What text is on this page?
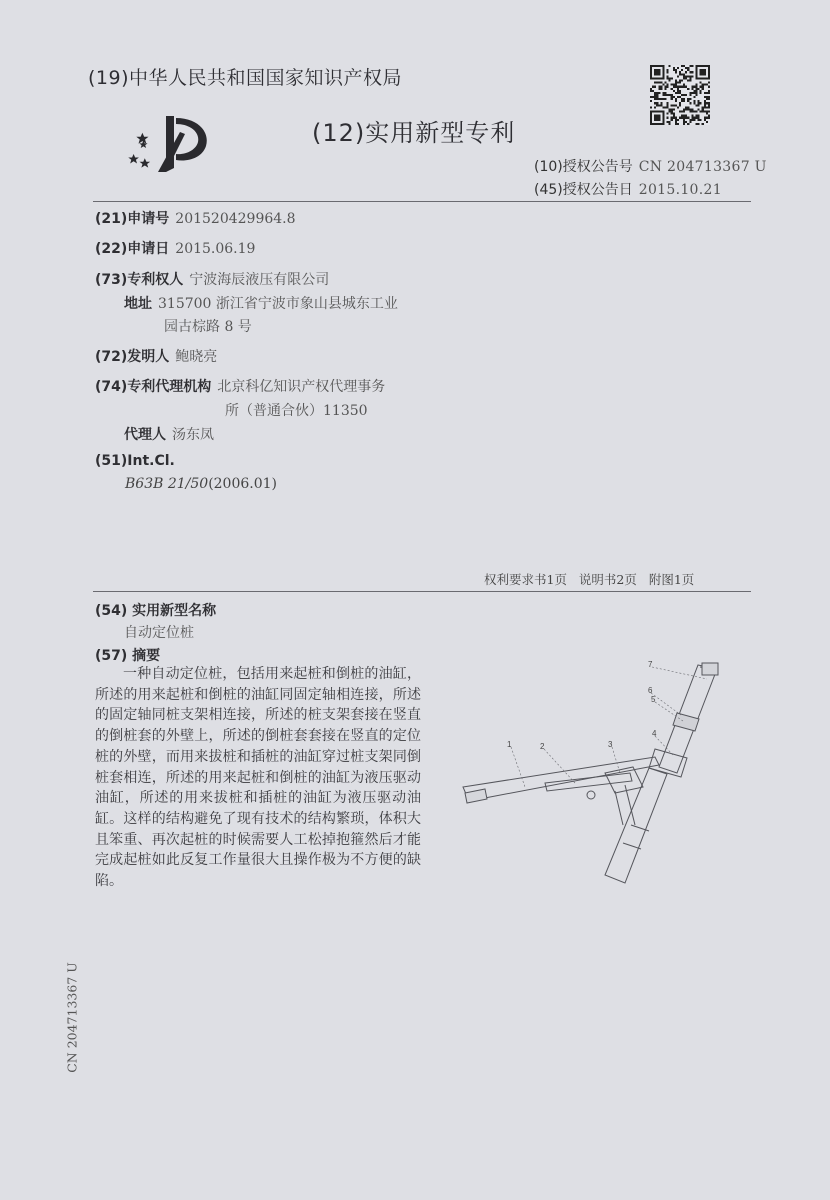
(19)中华人民共和国国家知识产权局
(12)实用新型专利
(10)授权公告号 CN 204713367 U
(45)授权公告日 2015.10.21
(21)申请号 201520429964.8
(22)申请日 2015.06.19
(73)专利权人 宁波海辰液压有限公司
地址 315700 浙江省宁波市象山县城东工业
园古棕路 8 号
(72)发明人 鲍晓亮
(74)专利代理机构 北京科亿知识产权代理事务
所（普通合伙）11350
代理人 汤东凤
(51)Int.Cl.
B63B 21/50(2006.01)
权利要求书1页 说明书2页 附图1页
(54) 实用新型名称
自动定位桩
(57) 摘要

一种自动定位桩，包括用来起桩和倒桩的油缸，所述的用来起桩和倒桩的油缸同固定轴相连接，所述的固定轴同桩支架相连接，所述的桩支架套接在竖直的倒桩套的外壁上，所述的倒桩套套接在竖直的定位桩的外壁，而用来拔桩和插桩的油缸穿过桩支架同倒桩套相连，所述的用来起桩和倒桩的油缸为液压驱动油缸，所述的用来拔桩和插桩的油缸为液压驱动油缸。这样的结构避免了现有技术的结构繁琐，体积大且笨重、再次起桩的时候需要人工松掉抱箍然后才能完成起桩如此反复工作量很大且操作极为不方便的缺陷。

7
6
5
4
1	2	3
CN 204713367 U
